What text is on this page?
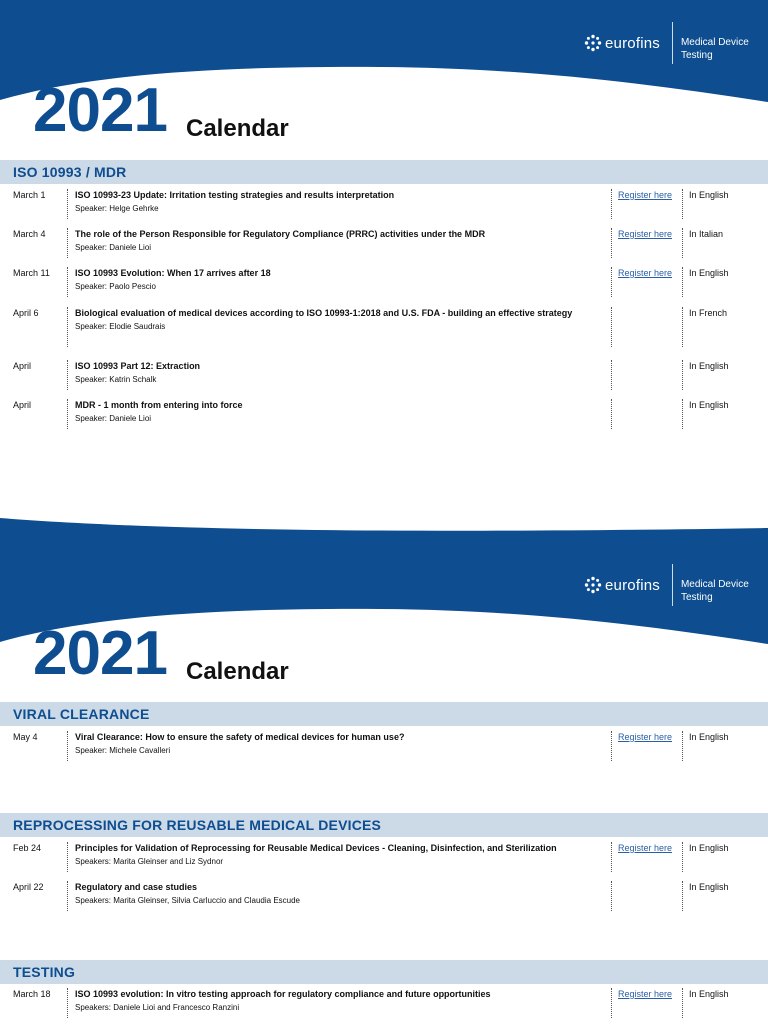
eurofins Medical Device
Testing
2021 Calendar
ISO 10993 / MDR
March 1	ISO 10993-23 Update: Irritation testing strategies and results interpretation
Speaker: Helge Gehrke
Register here	In English
March 4	The role of the Person Responsible for Regulatory Compliance (PRRC) activities under the MDR
Speaker: Daniele Lioi
Register here	In Italian
March 11	ISO 10993 Evolution: When 17 arrives after 18
Speaker: Paolo Pescio
Register here	In English
April 6	Biological evaluation of medical devices according to ISO 10993-1:2018 and U.S. FDA - building an effective strategy
Speaker: Elodie Saudrais
In French
April	ISO 10993 Part 12: Extraction
Speaker: Katrin Schalk
In English
April	MDR - 1 month from entering into force
Speaker: Daniele Lioi
In English
eurofins Medical Device
Testing
2021 Calendar
VIRAL CLEARANCE
May 4	Viral Clearance: How to ensure the safety of medical devices for human use?
Speaker: Michele Cavalleri
Register here	In English
REPROCESSING FOR REUSABLE MEDICAL DEVICES
Feb 24	Principles for Validation of Reprocessing for Reusable Medical Devices - Cleaning, Disinfection, and Sterilization
Speakers: Marita Gleinser and Liz Sydnor
Register here	In English
April 22	Regulatory and case studies
Speakers: Marita Gleinser, Silvia Carluccio and Claudia Escude
In English
TESTING
March 18	ISO 10993 evolution: In vitro testing approach for regulatory compliance and future opportunities
Speakers: Daniele Lioi and Francesco Ranzini
Register here	In English
